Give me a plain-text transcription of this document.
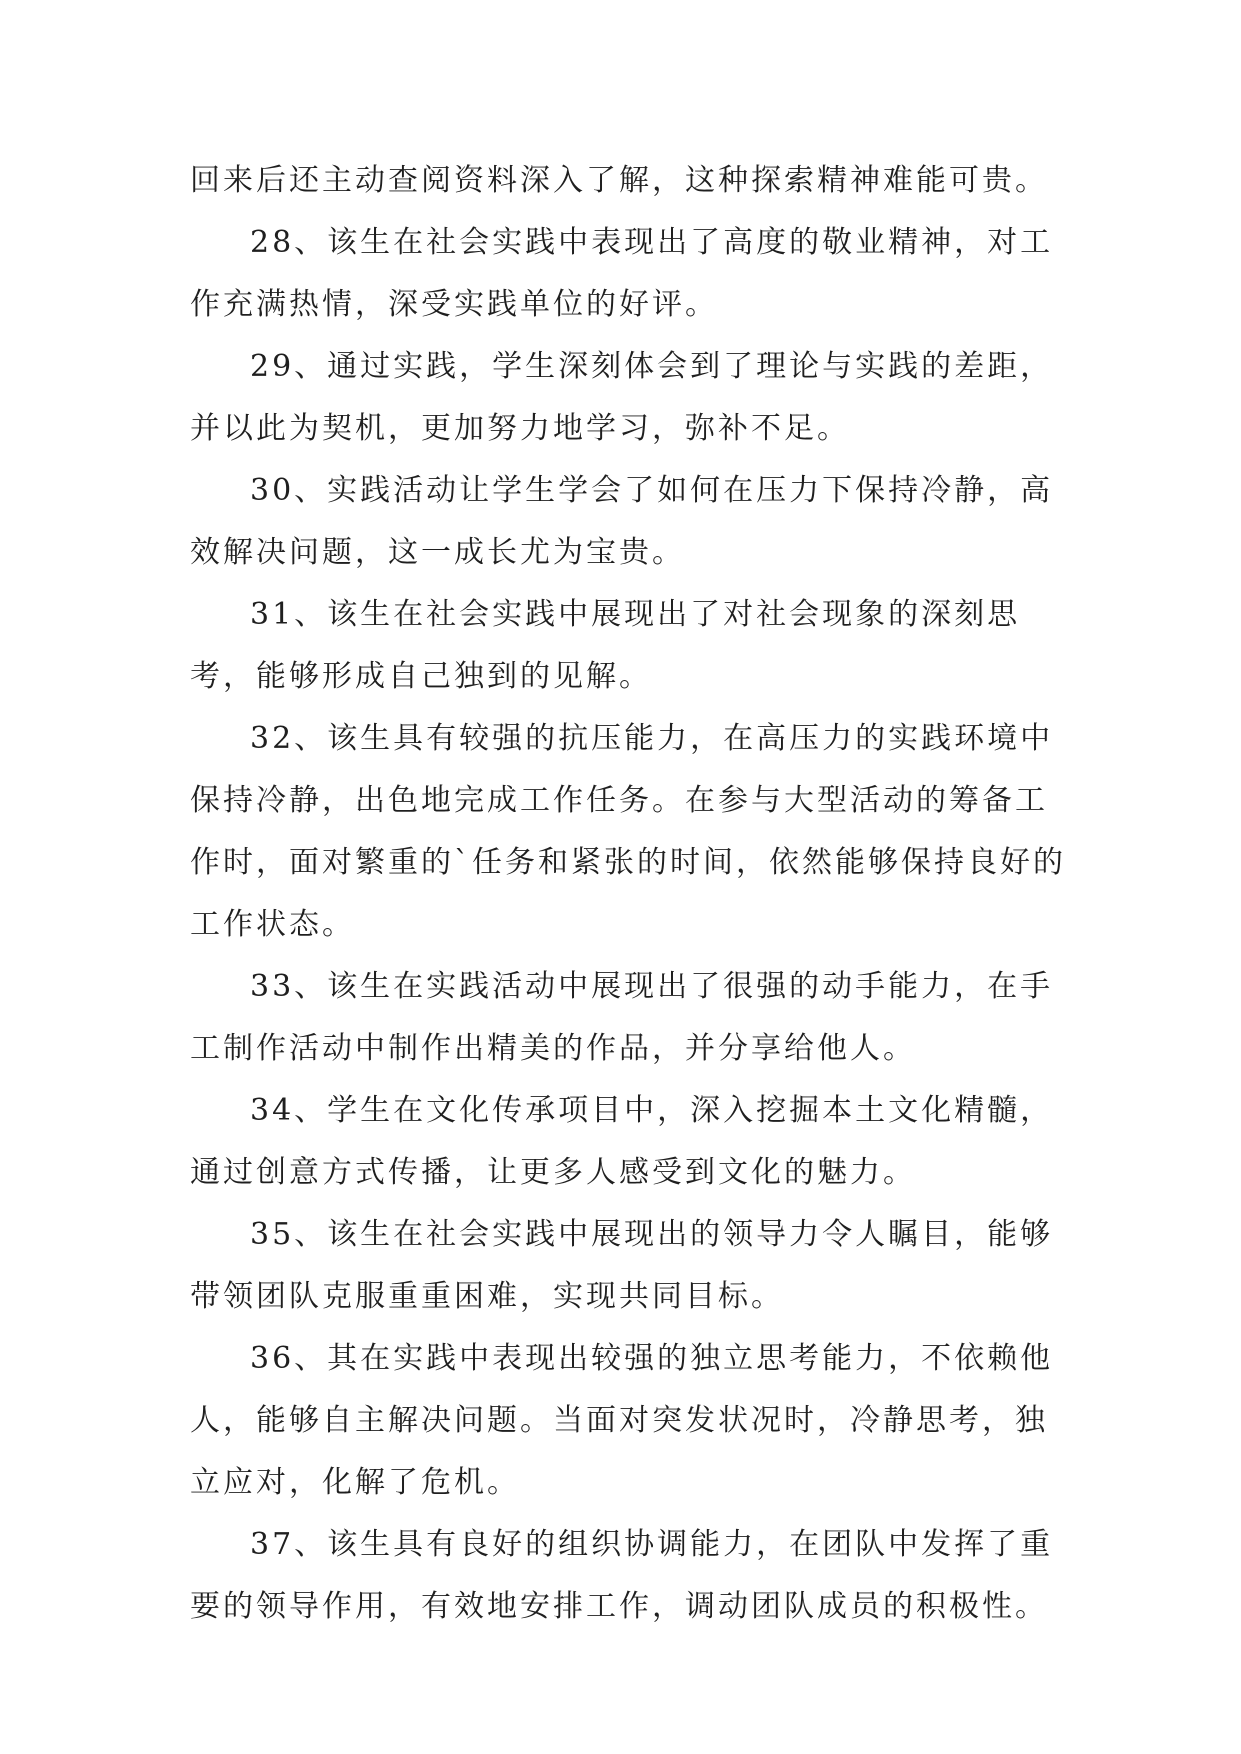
回来后还主动查阅资料深入了解，这种探索精神难能可贵。

28、该生在社会实践中表现出了高度的敬业精神，对工作充满热情，深受实践单位的好评。

29、通过实践，学生深刻体会到了理论与实践的差距，并以此为契机，更加努力地学习，弥补不足。

30、实践活动让学生学会了如何在压力下保持冷静，高效解决问题，这一成长尤为宝贵。

31、该生在社会实践中展现出了对社会现象的深刻思考，能够形成自己独到的见解。

32、该生具有较强的抗压能力，在高压力的实践环境中保持冷静，出色地完成工作任务。在参与大型活动的筹备工作时，面对繁重的`任务和紧张的时间，依然能够保持良好的工作状态。

33、该生在实践活动中展现出了很强的动手能力，在手工制作活动中制作出精美的作品，并分享给他人。

34、学生在文化传承项目中，深入挖掘本土文化精髓，通过创意方式传播，让更多人感受到文化的魅力。

35、该生在社会实践中展现出的领导力令人瞩目，能够带领团队克服重重困难，实现共同目标。

36、其在实践中表现出较强的独立思考能力，不依赖他人，能够自主解决问题。当面对突发状况时，冷静思考，独立应对，化解了危机。

37、该生具有良好的组织协调能力，在团队中发挥了重要的领导作用，有效地安排工作，调动团队成员的积极性。
